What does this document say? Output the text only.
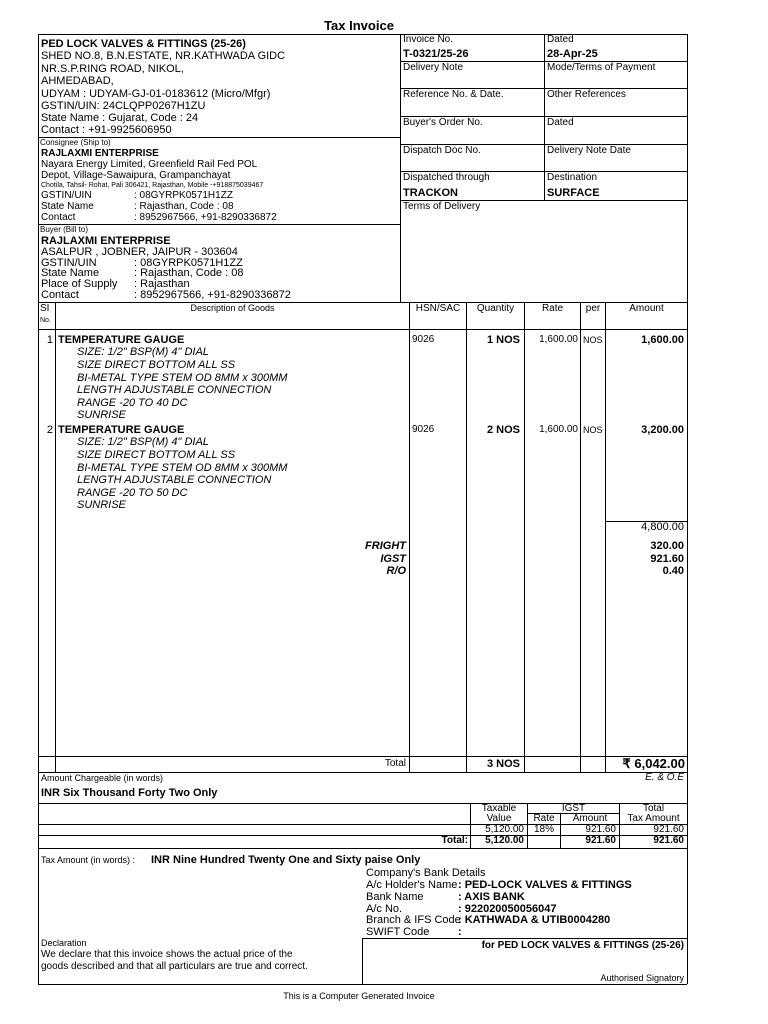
Tax Invoice
PED LOCK VALVES & FITTINGS (25-26)
SHED NO.8, B.N.ESTATE, NR.KATHWADA GIDC
NR.S.P.RING ROAD, NIKOL,
AHMEDABAD,
UDYAM : UDYAM-GJ-01-0183612 (Micro/Mfgr)
GSTIN/UIN: 24CLQPP0267H1ZU
State Name : Gujarat, Code : 24
Contact : +91-9925606950
Consignee (Ship to)
RAJLAXMI ENTERPRISE
Nayara Energy Limited, Greenfield Rail Fed POL
Depot, Village-Sawaipura, Grampanchayat
Chotila, Tahsil- Rohat, Pali 306421, Rajasthan, Mobile -+918875039467
GSTIN/UIN	: 08GYRPK0571H1ZZ
State Name	: Rajasthan, Code : 08
Contact	: 8952967566, +91-8290336872
Buyer (Bill to)
RAJLAXMI ENTERPRISE
ASALPUR , JOBNER, JAIPUR - 303604
GSTIN/UIN	: 08GYRPK0571H1ZZ
State Name	: Rajasthan, Code : 08
Place of Supply : Rajasthan
Contact	: 8952967566, +91-8290336872
Invoice No.
T-0321/25-26
Dated
28-Apr-25
Delivery Note	Mode/Terms of Payment
Reference No. & Date.	Other References
Buyer's Order No.	Dated
Dispatch Doc No.	Delivery Note Date
Dispatched through
TRACKON
Destination
SURFACE
Terms of Delivery
SI
No.
Description of Goods	HSN/SAC	Quantity	Rate	per	Amount
1 TEMPERATURE GAUGE
SIZE: 1/2" BSP(M) 4" DIAL
SIZE DIRECT BOTTOM ALL SS
BI-METAL TYPE STEM OD 8MM x 300MM
LENGTH ADJUSTABLE CONNECTION
RANGE -20 TO 40 DC
SUNRISE
9026	1 NOS	1,600.00 NOS	1,600.00
2 TEMPERATURE GAUGE
SIZE: 1/2" BSP(M) 4" DIAL
SIZE DIRECT BOTTOM ALL SS
BI-METAL TYPE STEM OD 8MM x 300MM
LENGTH ADJUSTABLE CONNECTION
RANGE -20 TO 50 DC
SUNRISE
9026	2 NOS	1,600.00 NOS	3,200.00
4,800.00
FRIGHT	320.00
IGST	921.60
R/O	0.40
Total	3 NOS	₹ 6,042.00
E. & O.E
Amount Chargeable (in words)
INR Six Thousand Forty Two Only
Taxable
Value
IGST
Rate	Amount
Total
Tax Amount
5,120.00 18%	921.60	921.60
Total:	5,120.00	921.60	921.60
Tax Amount (in words) : INR Nine Hundred Twenty One and Sixty paise Only
Company's Bank Details
A/c Holder's Name : PED-LOCK VALVES & FITTINGS
Bank Name	: AXIS BANK
A/c No.	: 922020050056047
Branch & IFS Code
: KATHWADA & UTIB0004280
SWIFT Code	:
Declaration
We declare that this invoice shows the actual price of the
goods described and that all particulars are true and correct.
for PED LOCK VALVES & FITTINGS (25-26)
Authorised Signatory
This is a Computer Generated Invoice
